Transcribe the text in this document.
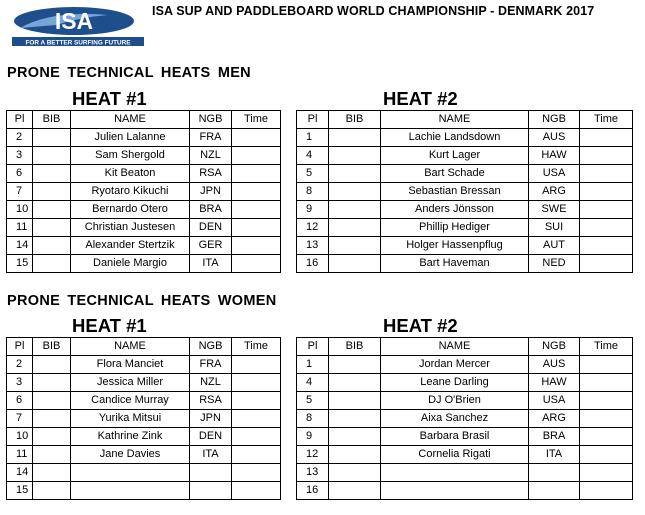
ISA
FOR A BETTER SURFING FUTURE
ISA SUP AND PADDLEBOARD WORLD CHAMPIONSHIP - DENMARK 2017
PRONE TECHNICAL HEATS MEN
HEAT #1	HEAT #2
Pl	BIB	NAME	NGB	Time
2		Julien Lalanne	FRA	
3		Sam Shergold	NZL	
6		Kit Beaton	RSA	
7		Ryotaro Kikuchi	JPN	
10		Bernardo Otero	BRA	
11		Christian Justesen	DEN	
14		Alexander Stertzik	GER	
15		Daniele Margio	ITA	
Pl	BIB	NAME	NGB	Time
1		Lachie Landsdown	AUS	
4		Kurt Lager	HAW	
5		Bart Schade	USA	
8		Sebastian Bressan	ARG	
9		Anders Jönsson	SWE	
12		Phillip Hediger	SUI	
13		Holger Hassenpflug	AUT	
16		Bart Haveman	NED	
PRONE TECHNICAL HEATS WOMEN
HEAT #1	HEAT #2
Pl	BIB	NAME	NGB	Time
2		Flora Manciet	FRA	
3		Jessica Miller	NZL	
6		Candice Murray	RSA	
7		Yurika Mitsui	JPN	
10		Kathrine Zink	DEN	
11		Jane Davies	ITA	
14				
15				
Pl	BIB	NAME	NGB	Time
1		Jordan Mercer	AUS	
4		Leane Darling	HAW	
5		DJ O'Brien	USA	
8		Aixa Sanchez	ARG	
9		Barbara Brasil	BRA	
12		Cornelia Rigati	ITA	
13				
16				
